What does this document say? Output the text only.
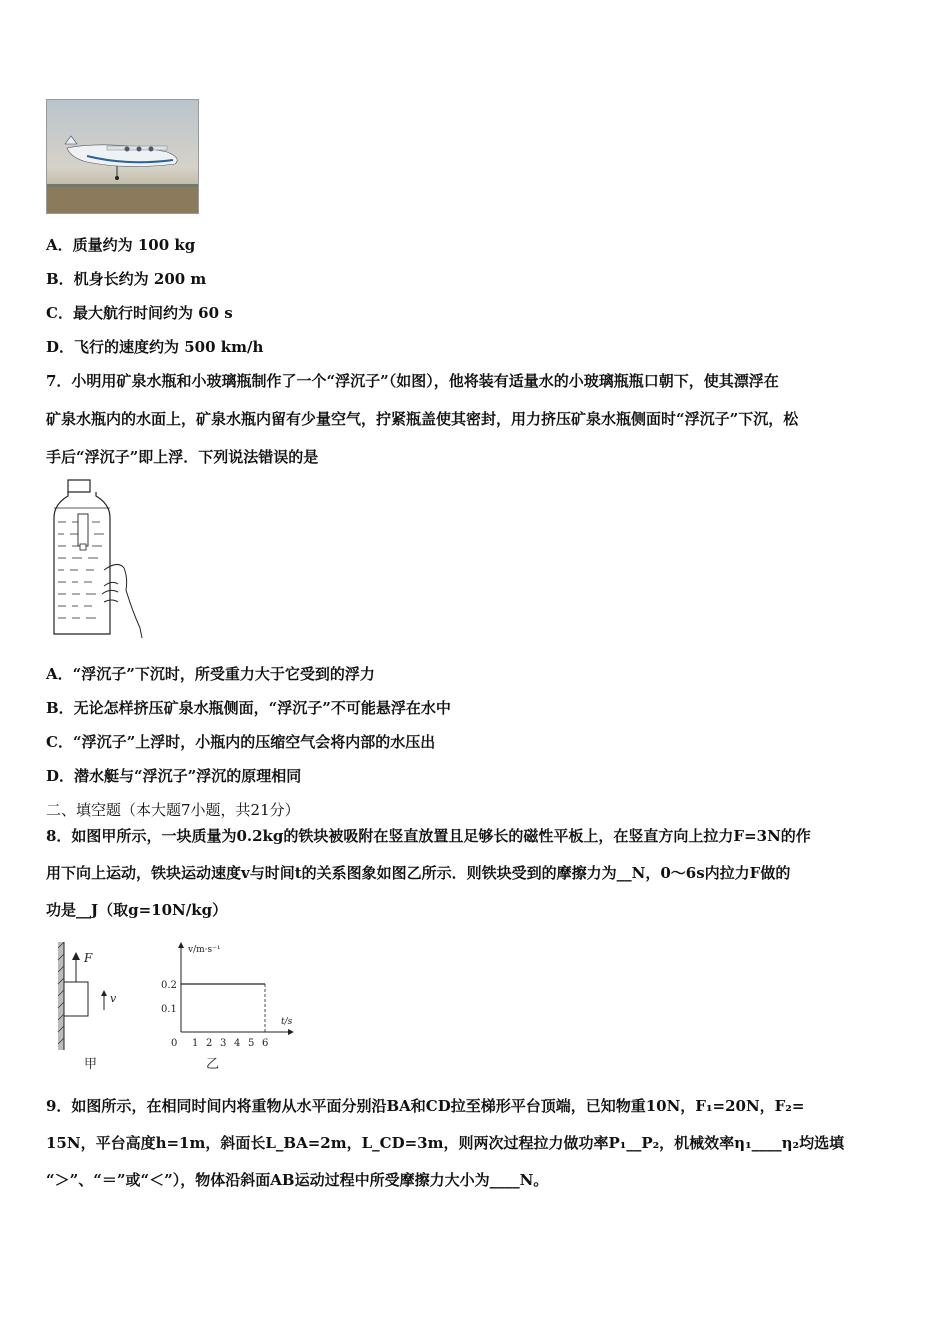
A．质量约为 100 kg
B．机身长约为 200 m
C．最大航行时间约为 60 s
D．飞行的速度约为 500 km/h
7．小明用矿泉水瓶和小玻璃瓶制作了一个“浮沉子”（如图），他将装有适量水的小玻璃瓶瓶口朝下，使其漂浮在
矿泉水瓶内的水面上，矿泉水瓶内留有少量空气，拧紧瓶盖使其密封，用力挤压矿泉水瓶侧面时“浮沉子”下沉，松
手后“浮沉子”即上浮．下列说法错误的是
A．“浮沉子”下沉时，所受重力大于它受到的浮力
B．无论怎样挤压矿泉水瓶侧面，“浮沉子”不可能悬浮在水中
C．“浮沉子”上浮时，小瓶内的压缩空气会将内部的水压出
D．潜水艇与“浮沉子”浮沉的原理相同
二、填空题（本大题7小题，共21分）
8．如图甲所示，一块质量为0.2kg的铁块被吸附在竖直放置且足够长的磁性平板上，在竖直方向上拉力F=3N的作
用下向上运动，铁块运动速度v与时间t的关系图象如图乙所示．则铁块受到的摩擦力为__N，0～6s内拉力F做的
功是__J（取g=10N/kg）
F
v
甲
v/m·s⁻¹
t/s
乙
0 1 2 3 4 5 6
0.1
0.2
9．如图所示，在相同时间内将重物从水平面分别沿BA和CD拉至梯形平台顶端，已知物重10N，F₁=20N，F₂=
15N，平台高度h=1m，斜面长L_BA=2m，L_CD=3m，则两次过程拉力做功率P₁__P₂，机械效率η₁____η₂均选填
“＞”、“＝”或“＜”），物体沿斜面AB运动过程中所受摩擦力大小为____N。
